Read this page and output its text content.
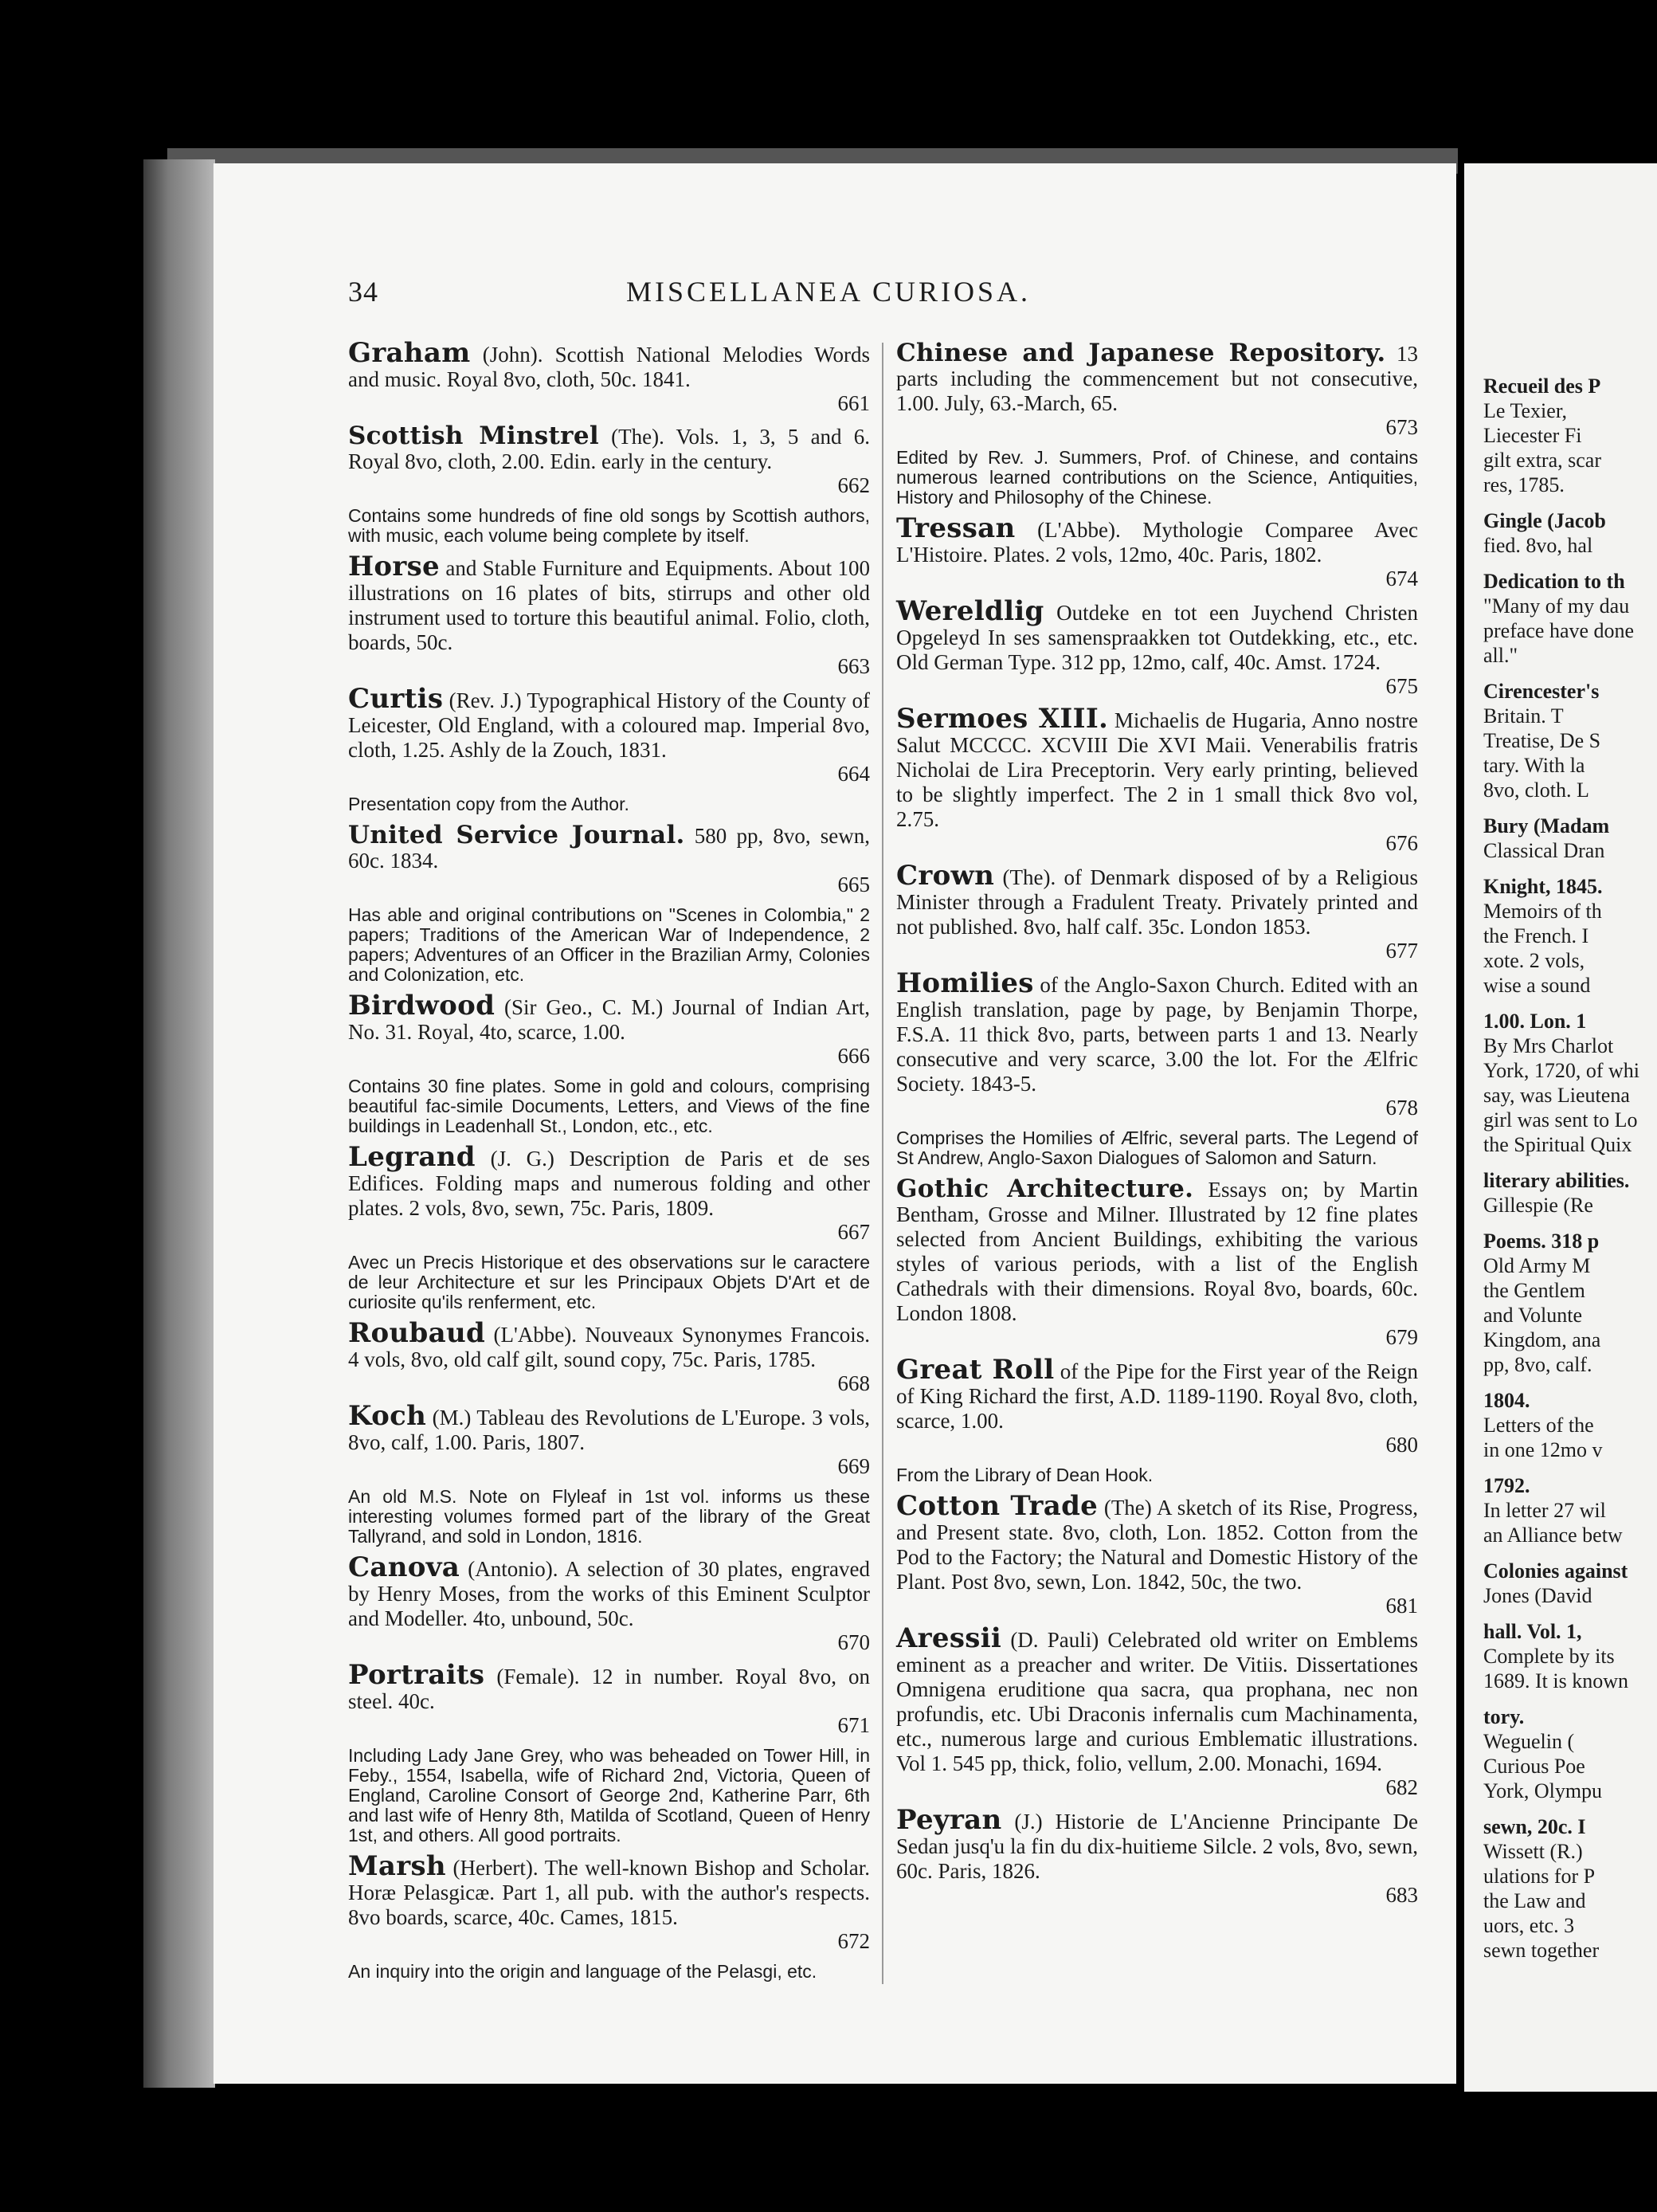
34	MISCELLANEA CURIOSA.
Graham (John). Scottish National Melodies Words and music. Royal 8vo, cloth, 50c. 1841.
661
Scottish Minstrel (The). Vols. 1, 3, 5 and 6. Royal 8vo, cloth, 2.00. Edin. early in the century.
662
Contains some hundreds of fine old songs by Scottish authors, with music, each volume being complete by itself.
Horse and Stable Furniture and Equipments. About 100 illustrations on 16 plates of bits, stirrups and other old instrument used to torture this beautiful animal. Folio, cloth, boards, 50c.
663
Curtis (Rev. J.) Typographical History of the County of Leicester, Old England, with a coloured map. Imperial 8vo, cloth, 1.25. Ashly de la Zouch, 1831.
664
Presentation copy from the Author.
United Service Journal. 580 pp, 8vo, sewn, 60c. 1834.
665
Has able and original contributions on "Scenes in Colombia," 2 papers; Traditions of the American War of Independence, 2 papers; Adventures of an Officer in the Brazilian Army, Colonies and Colonization, etc.
Birdwood (Sir Geo., C. M.) Journal of Indian Art, No. 31. Royal, 4to, scarce, 1.00.
666
Contains 30 fine plates. Some in gold and colours, comprising beautiful fac-simile Documents, Letters, and Views of the fine buildings in Leadenhall St., London, etc., etc.
Legrand (J. G.) Description de Paris et de ses Edifices. Folding maps and numerous folding and other plates. 2 vols, 8vo, sewn, 75c. Paris, 1809.
667
Avec un Precis Historique et des observations sur le caractere de leur Architecture et sur les Principaux Objets D'Art et de curiosite qu'ils renferment, etc.
Roubaud (L'Abbe). Nouveaux Synonymes Francois. 4 vols, 8vo, old calf gilt, sound copy, 75c. Paris, 1785.
668
Koch (M.) Tableau des Revolutions de L'Europe. 3 vols, 8vo, calf, 1.00. Paris, 1807.
669
An old M.S. Note on Flyleaf in 1st vol. informs us these interesting volumes formed part of the library of the Great Tallyrand, and sold in London, 1816.
Canova (Antonio). A selection of 30 plates, engraved by Henry Moses, from the works of this Eminent Sculptor and Modeller. 4to, unbound, 50c.
670
Portraits (Female). 12 in number. Royal 8vo, on steel. 40c.
671
Including Lady Jane Grey, who was beheaded on Tower Hill, in Feby., 1554, Isabella, wife of Richard 2nd, Victoria, Queen of England, Caroline Consort of George 2nd, Katherine Parr, 6th and last wife of Henry 8th, Matilda of Scotland, Queen of Henry 1st, and others. All good portraits.
Marsh (Herbert). The well-known Bishop and Scholar. Horæ Pelasgicæ. Part 1, all pub. with the author's respects. 8vo boards, scarce, 40c. Cames, 1815.
672
An inquiry into the origin and language of the Pelasgi, etc.
Chinese and Japanese Repository. 13 parts including the commencement but not consecutive, 1.00. July, 63.-March, 65.
673
Edited by Rev. J. Summers, Prof. of Chinese, and contains numerous learned contributions on the Science, Antiquities, History and Philosophy of the Chinese.
Tressan (L'Abbe). Mythologie Comparee Avec L'Histoire. Plates. 2 vols, 12mo, 40c. Paris, 1802.
674
Wereldlig Outdeke en tot een Juychend Christen Opgeleyd In ses samenspraakken tot Outdekking, etc., etc. Old German Type. 312 pp, 12mo, calf, 40c. Amst. 1724.
675
Sermoes XIII. Michaelis de Hugaria, Anno nostre Salut MCCCC. XCVIII Die XVI Maii. Venerabilis fratris Nicholai de Lira Preceptorin. Very early printing, believed to be slightly imperfect. The 2 in 1 small thick 8vo vol, 2.75.
676
Crown (The). of Denmark disposed of by a Religious Minister through a Fradulent Treaty. Privately printed and not published. 8vo, half calf. 35c. London 1853.
677
Homilies of the Anglo-Saxon Church. Edited with an English translation, page by page, by Benjamin Thorpe, F.S.A. 11 thick 8vo, parts, between parts 1 and 13. Nearly consecutive and very scarce, 3.00 the lot. For the Ælfric Society. 1843-5.
678
Comprises the Homilies of Ælfric, several parts. The Legend of St Andrew, Anglo-Saxon Dialogues of Salomon and Saturn.
Gothic Architecture. Essays on; by Martin Bentham, Grosse and Milner. Illustrated by 12 fine plates selected from Ancient Buildings, exhibiting the various styles of various periods, with a list of the English Cathedrals with their dimensions. Royal 8vo, boards, 60c. London 1808.
679
Great Roll of the Pipe for the First year of the Reign of King Richard the first, A.D. 1189-1190. Royal 8vo, cloth, scarce, 1.00.
680
From the Library of Dean Hook.
Cotton Trade (The) A sketch of its Rise, Progress, and Present state. 8vo, cloth, Lon. 1852. Cotton from the Pod to the Factory; the Natural and Domestic History of the Plant. Post 8vo, sewn, Lon. 1842, 50c, the two.
681
Aressii (D. Pauli) Celebrated old writer on Emblems eminent as a preacher and writer. De Vitiis. Dissertationes Omnigena eruditione qua sacra, qua prophana, nec non profundis, etc. Ubi Draconis infernalis cum Machinamenta, etc., numerous large and curious Emblematic illustrations. Vol 1. 545 pp, thick, folio, vellum, 2.00. Monachi, 1694.
682
Peyran (J.) Historie de L'Ancienne Principante De Sedan jusq'u la fin du dix-huitieme Silcle. 2 vols, 8vo, sewn, 60c. Paris, 1826.
683
Recueil des P
Le Texier,
Liecester Fi
gilt extra, scar
res, 1785.
Gingle (Jacob
fied. 8vo, hal
Dedication to th
"Many of my dau
preface have done
all."
Cirencester's
Britain. T
Treatise, De S
tary. With la
8vo, cloth. L
Bury (Madam
Classical Dran
Knight, 1845.
Memoirs of th
the French. I
xote. 2 vols,
wise a sound
1.00. Lon. 1
By Mrs Charlot
York, 1720, of whi
say, was Lieutena
girl was sent to Lo
the Spiritual Quix
literary abilities.
Gillespie (Re
Poems. 318 p
Old Army M
the Gentlem
and Volunte
Kingdom, ana
pp, 8vo, calf.
1804.
Letters of the
in one 12mo v
1792.
In letter 27 wil
an Alliance betw
Colonies against
Jones (David
hall. Vol. 1,
Complete by its
1689. It is known
tory.
Weguelin (
Curious Poe
York, Olympu
sewn, 20c. I
Wissett (R.)
ulations for P
the Law and
uors, etc. 3
sewn together
